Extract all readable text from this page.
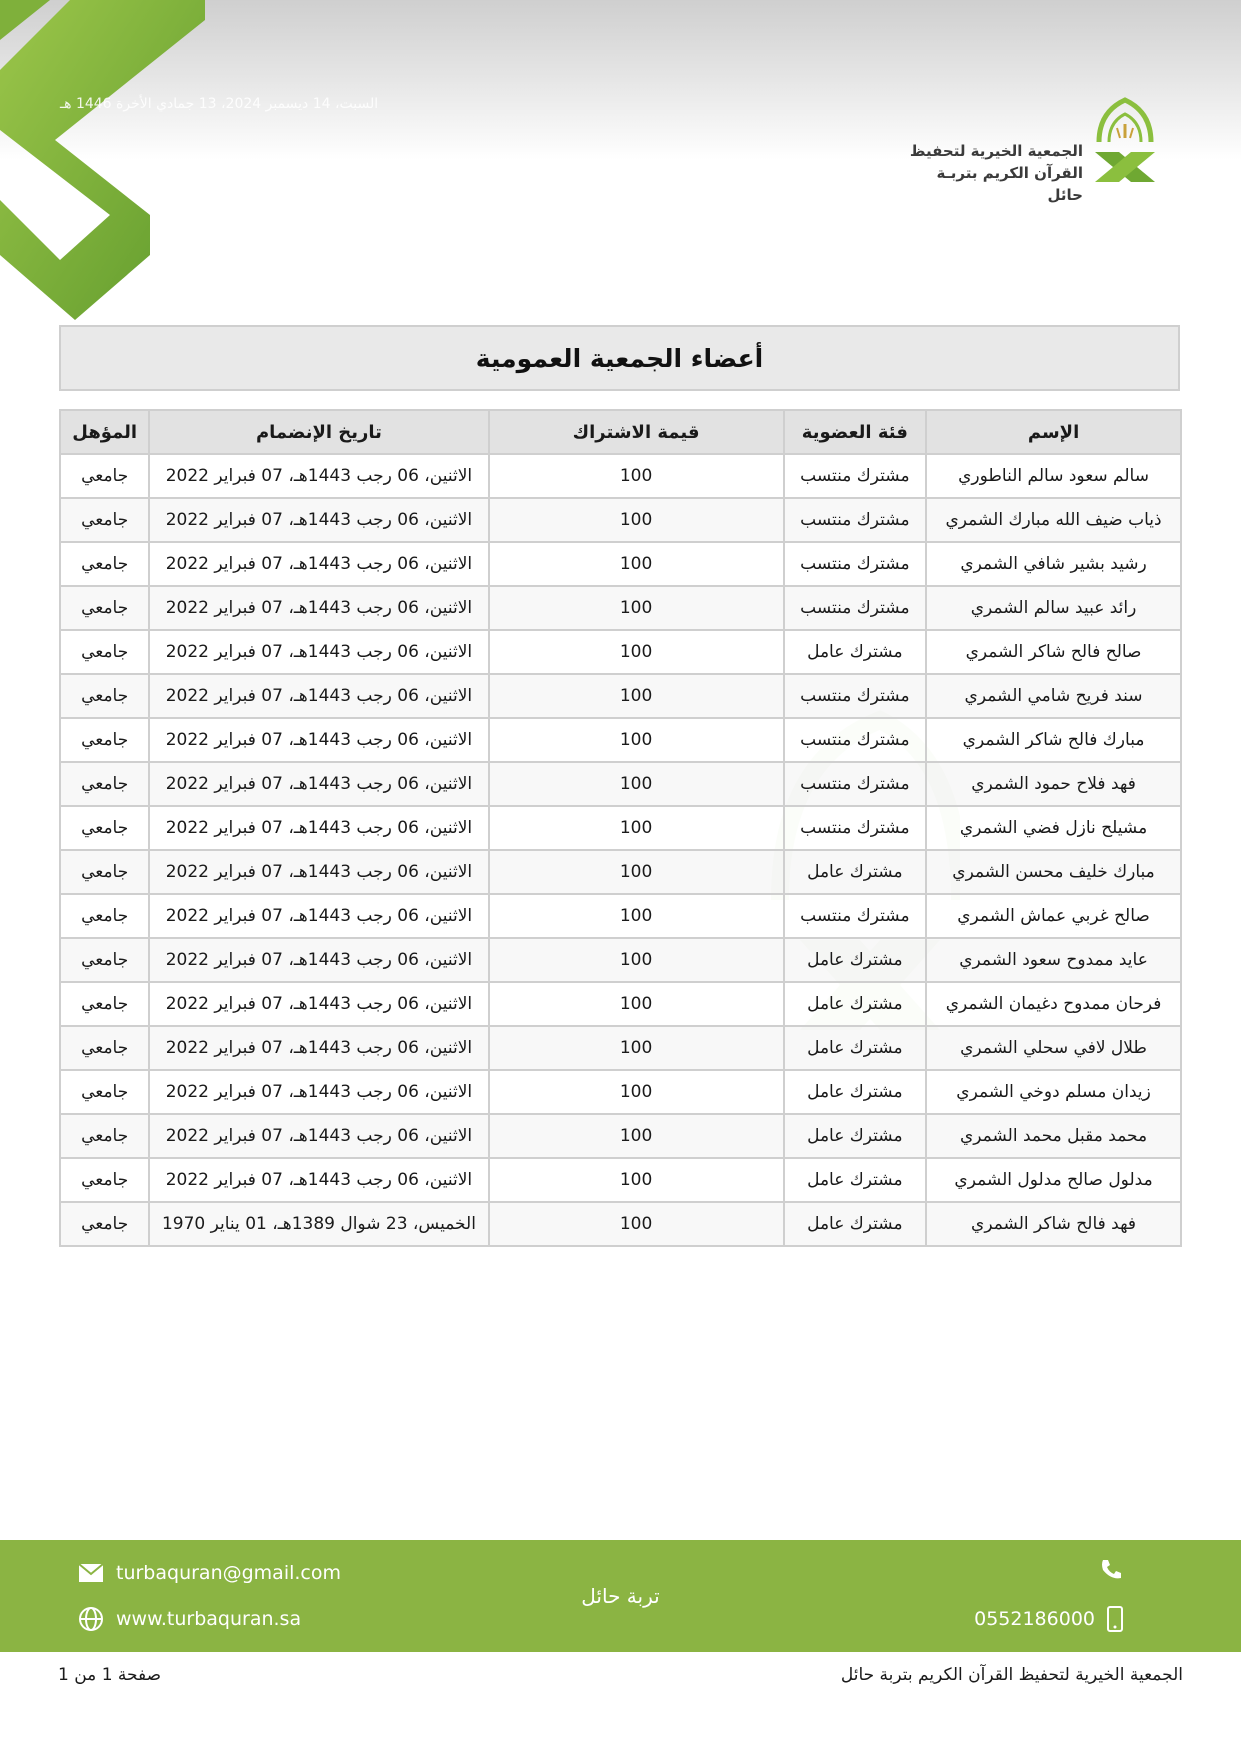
السبت، 14 ديسمبر 2024، 13 جمادي الأخرة 1446 هـ
الجمعية الخيرية لتحفيظ
القرآن الكريم بتربـة حائل
أعضاء الجمعية العمومية
الإسم	فئة العضوية	قيمة الاشتراك	تاريخ الإنضمام	المؤهل
سالم سعود سالم الناطوري	مشترك منتسب	100	الاثنين، 06 رجب 1443هـ، 07 فبراير 2022	جامعي
ذياب ضيف الله مبارك الشمري	مشترك منتسب	100	الاثنين، 06 رجب 1443هـ، 07 فبراير 2022	جامعي
رشيد بشير شافي الشمري	مشترك منتسب	100	الاثنين، 06 رجب 1443هـ، 07 فبراير 2022	جامعي
رائد عبيد سالم الشمري	مشترك منتسب	100	الاثنين، 06 رجب 1443هـ، 07 فبراير 2022	جامعي
صالح فالح شاكر الشمري	مشترك عامل	100	الاثنين، 06 رجب 1443هـ، 07 فبراير 2022	جامعي
سند فريح شامي الشمري	مشترك منتسب	100	الاثنين، 06 رجب 1443هـ، 07 فبراير 2022	جامعي
مبارك فالح شاكر الشمري	مشترك منتسب	100	الاثنين، 06 رجب 1443هـ، 07 فبراير 2022	جامعي
فهد فلاح حمود الشمري	مشترك منتسب	100	الاثنين، 06 رجب 1443هـ، 07 فبراير 2022	جامعي
مشيلح نازل فضي الشمري	مشترك منتسب	100	الاثنين، 06 رجب 1443هـ، 07 فبراير 2022	جامعي
مبارك خليف محسن الشمري	مشترك عامل	100	الاثنين، 06 رجب 1443هـ، 07 فبراير 2022	جامعي
صالح غربي عماش الشمري	مشترك منتسب	100	الاثنين، 06 رجب 1443هـ، 07 فبراير 2022	جامعي
عايد ممدوح سعود الشمري	مشترك عامل	100	الاثنين، 06 رجب 1443هـ، 07 فبراير 2022	جامعي
فرحان ممدوح دغيمان الشمري	مشترك عامل	100	الاثنين، 06 رجب 1443هـ، 07 فبراير 2022	جامعي
طلال لافي سحلي الشمري	مشترك عامل	100	الاثنين، 06 رجب 1443هـ، 07 فبراير 2022	جامعي
زيدان مسلم دوخي الشمري	مشترك عامل	100	الاثنين، 06 رجب 1443هـ، 07 فبراير 2022	جامعي
محمد مقبل محمد الشمري	مشترك عامل	100	الاثنين، 06 رجب 1443هـ، 07 فبراير 2022	جامعي
مدلول صالح مدلول الشمري	مشترك عامل	100	الاثنين، 06 رجب 1443هـ، 07 فبراير 2022	جامعي
فهد فالح شاكر الشمري	مشترك عامل	100	الخميس، 23 شوال 1389هـ، 01 يناير 1970	جامعي
turbaquran@gmail.com
www.turbaquran.sa
تربة حائل
0552186000
الجمعية الخيرية لتحفيظ القرآن الكريم بتربة حائل
صفحة 1 من 1
